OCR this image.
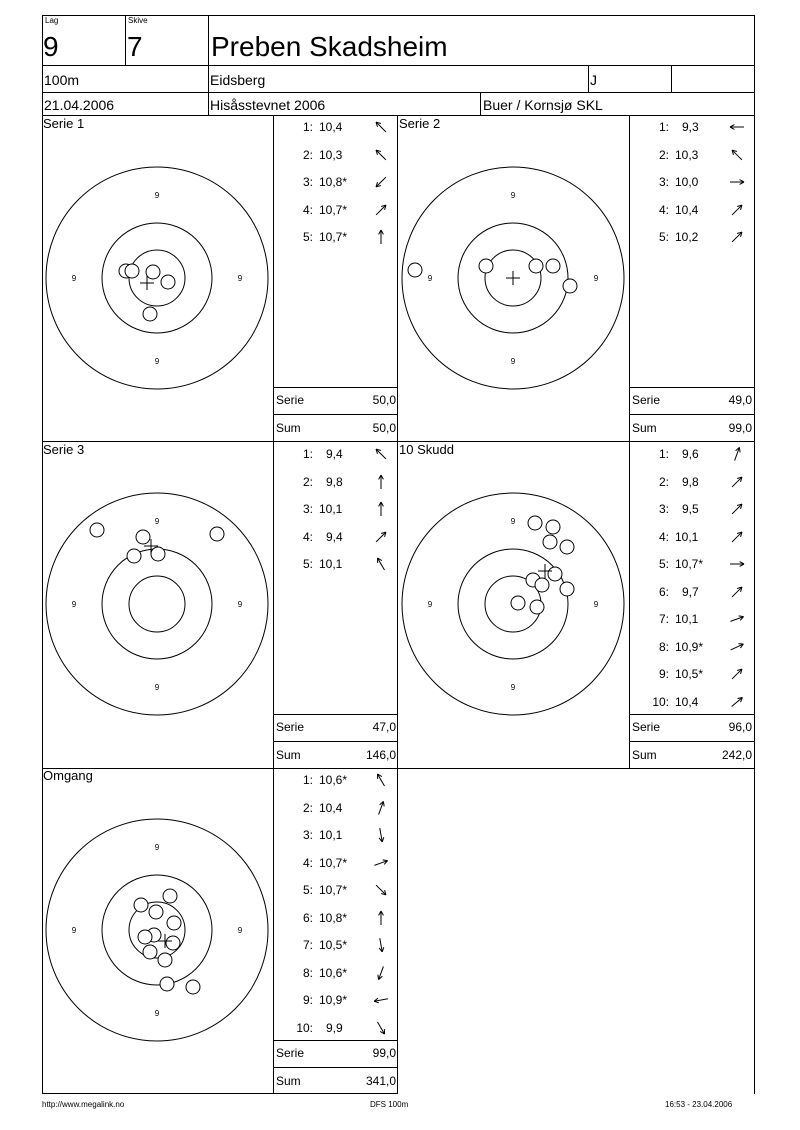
Lag
9
Skive
7 Preben Skadsheim
100m	Eidsberg	J
21.04.2006	Hisåsstevnet 2006	Buer / Kornsjø SKL
Serie 1
9
9
9	9
Serie	50,0
Sum	50,0
Serie 2
9
9
9	9
Serie	49,0
Sum	99,0
Serie 3
9
9
9	9
Serie	47,0
Sum	146,0
10 Skudd
9
9
9	9
Serie	96,0
Sum	242,0
Omgang
9
9
9	9
Serie	99,0
Sum	341,0
http://www.megalink.no	DFS 100m	16:53 - 23.04.2006
1: 10,4
2: 10,3
3: 10,8*
4: 10,7*
5: 10,7*
1: 9,3
2: 10,3
3: 10,0
4: 10,4
5: 10,2
1: 9,4
2: 9,8
3: 10,1
4: 9,4
5: 10,1
1: 9,6
2: 9,8
3: 9,5
4: 10,1
5: 10,7*
6: 9,7
7: 10,1
8: 10,9*
9: 10,5*
10: 10,4
1: 10,6*
2: 10,4
3: 10,1
4: 10,7*
5: 10,7*
6: 10,8*
7: 10,5*
8: 10,6*
9: 10,9*
10: 9,9
